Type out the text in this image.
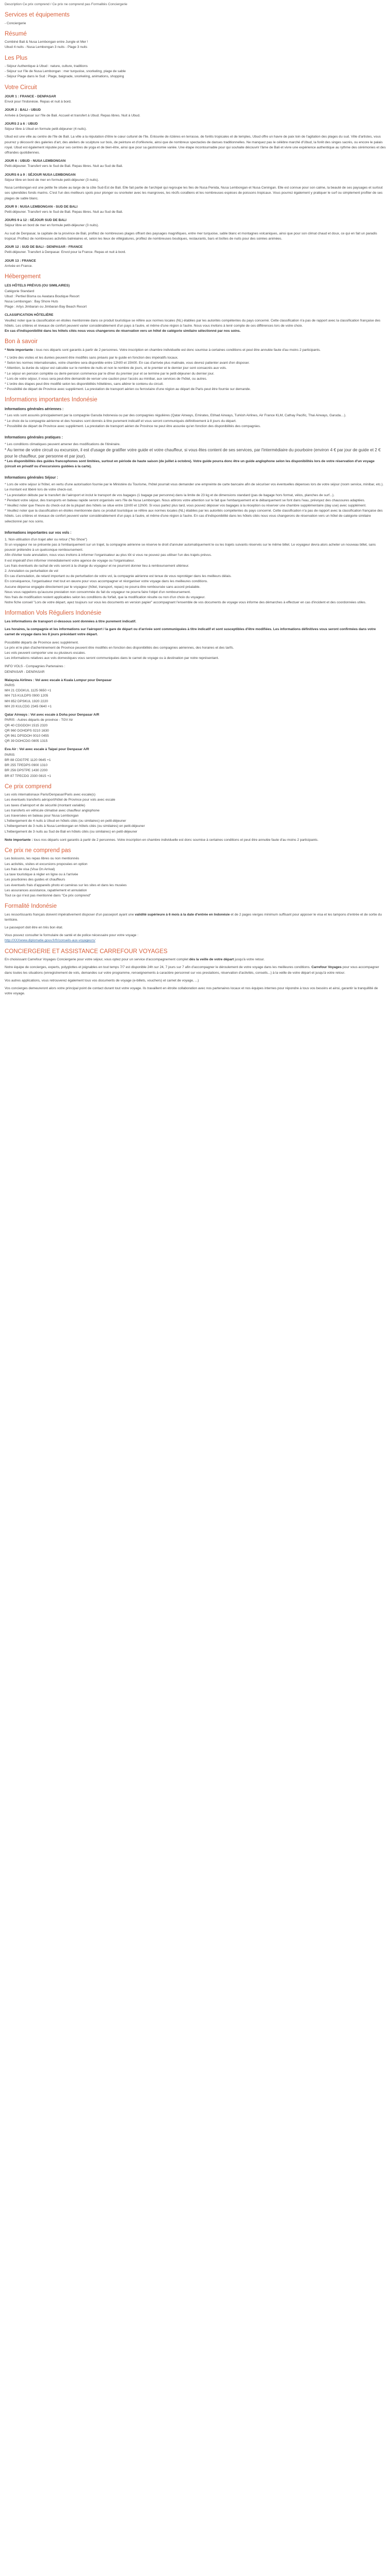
Description Ce prix comprend / Ce prix ne comprend pas Formalités Conciergerie
Services et équipements

- Conciergerie

Résumé

Combiné Bali & Nusa Lembongan entre Jungle et Mer !

Ubud 4 nuits - Nusa Lembongan 3 nuits - Plage 3 nuits

Les Plus
- Séjour Authentique à Ubud : nature, culture, traditions
- Séjour sur l'île de Nusa Lembongan : mer turquoise, snorkeling, plage de sable
- Séjour Plage dans le Sud : Plage, baignade, snorkeling, animations, shopping
Votre Circuit
JOUR 1 : FRANCE - DENPASAR

Envol pour l'Indonésie. Repas et nuit à bord.

JOUR 2 : BALI - UBUD

Arrivée à Denpasar sur l'île de Bali. Accueil et transfert à Ubud. Repas libres. Nuit à Ubud.

JOURS 2 à 6 : UBUD

Séjour libre à Ubud en formule petit-déjeuner (4 nuits).

Ubud est une ville au centre de l'île de Bali. La ville a la réputation d'être le cœur culturel de l'île. Entourée de rizières en terrasse, de forêts tropicales et de temples, Ubud offre un havre de paix loin de l'agitation des plages du sud. Ville d'artistes, vous pourrez y découvrir des galeries d'art, des ateliers de sculpture sur bois, de peinture et d'orfèvrerie, ainsi que de nombreux spectacles de danses traditionnelles. Ne manquez pas le célèbre marché d'Ubud, la forêt des singes sacrés, ou encore le palais royal. Ubud est également réputée pour ses centres de yoga et de bien-être, ainsi que pour sa gastronomie variée. Une étape incontournable pour qui souhaite découvrir l'âme de Bali et vivre une expérience authentique au rythme des cérémonies et des offrandes quotidiennes.

JOUR 6 : UBUD - NUSA LEMBONGAN

Petit-déjeuner. Transfert vers le Sud de Bali. Repas libres. Nuit au Sud de Bali.

JOURS 6 à 9 : SÉJOUR NUSA LEMBONGAN

Séjour libre en bord de mer en formule petit-déjeuner (3 nuits).

Nusa Lembongan est une petite île située au large de la côte Sud-Est de Bali. Elle fait partie de l'archipel qui regroupe les îles de Nusa Penida, Nusa Lembongan et Nusa Ceningan. Elle est connue pour son calme, la beauté de ses paysages et surtout ses splendides fonds marins. C'est l'un des meilleurs spots pour plonger ou snorkeler avec les mangroves, les récifs coralliens et les nombreuses espèces de poissons tropicaux. Vous pourrez également y pratiquer le surf ou simplement profiter de ses plages de sable blanc.

JOUR 9 : NUSA LEMBONGAN - SUD DE BALI

Petit-déjeuner. Transfert vers le Sud de Bali. Repas libres. Nuit au Sud de Bali.

JOURS 9 à 12 : SÉJOUR SUD DE BALI

Séjour libre en bord de mer en formule petit-déjeuner (3 nuits).

Au sud de Denpasar, la capitale de la province de Bali, profitez de nombreuses plages offrant des paysages magnifiques, entre mer turquoise, sable blanc et montagnes volcaniques, ainsi que pour son climat chaud et doux, ce qui en fait un paradis tropical. Profitez de nombreuses activités balnéaires et, selon les lieux de villégiatures, profitez de nombreuses boutiques, restaurants, bars et boîtes de nuits pour des soirées animées.

JOUR 12 : SUD DE BALI - DENPASAR - FRANCE

Petit-déjeuner. Transfert à Denpasar. Envol pour la France. Repas et nuit à bord.

JOUR 13 : FRANCE

Arrivée en France.

Hébergement
LES HÔTELS PRÉVUS (OU SIMILAIRES)

Catégorie Standard

Ubud : Pertiwi Bisma ou Awatara Boutique Resort

Nusa Lembongan : Bay Shore Huts

Plage : Artys Jimbaran ou Jimbaran Bay Beach Resort

CLASSIFICATION HÔTELIÈRE

Veuillez noter que la classification en étoiles mentionnée dans ce produit touristique se réfère aux normes locales (NL) établies par les autorités compétentes du pays concerné. Cette classification n'a pas de rapport avec la classification française des hôtels. Les critères et niveaux de confort peuvent varier considérablement d'un pays à l'autre, et même d'une région à l'autre. Nous vous invitons à tenir compte de ces différences lors de votre choix.

En cas d'indisponibilité dans les hôtels cités nous vous changerons de réservation vers un hôtel de catégorie similaire sélectionné par nos soins.

Bon à savoir

* Note importante : tous nos départs sont garantis à partir de 2 personnes. Votre inscription en chambre individuelle est donc soumise à certaines conditions et peut être annulée faute d'au moins 2 participants.

* L'ordre des visites et les durées peuvent être modifiés sans préavis par le guide en fonction des impératifs locaux.

* Selon les normes internationales, votre chambre sera disponible entre 12h00 et 15h00. En cas d'arrivée plus matinale, vous devrez patienter avant d'en disposer.

* Attention, la durée du séjour est calculée sur le nombre de nuits et non le nombre de jours, et le premier et le dernier jour sont consacrés aux vols.

* Le séjour en pension complète ou demi-pension commence par le dîner du premier jour et se termine par le petit-déjeuner du dernier jour.

* Lors de votre séjour, il vous sera peut-être demandé de verser une caution pour l'accès au minibar, aux services de l'hôtel, ou autres.

* L'ordre des étapes peut être modifié selon les disponibilités hôtelières, sans altérer le contenu du circuit.

* Possibilité de départ de Province avec supplément. La prestation de transport aérien ou ferroviaire d'une région au départ de Paris peut être fournie sur demande.

Informations importantes Indonésie
Informations générales aériennes :

* Les vols sont assurés principalement par la compagnie Garuda Indonesia ou par des compagnies régulières (Qatar Airways, Emirates, Etihad Airways, Turkish Airlines, Air France KLM, Cathay Pacific, Thai Airways, Garuda…).

* Le choix de la compagnie aérienne et des horaires sont donnés à titre purement indicatif et vous seront communiqués définitivement à 8 jours du départ.

* Possibilité de départ de Province avec supplément. La prestation de transport aérien de Province ne peut être assurée qu'en fonction des disponibilités des compagnies.

Informations générales pratiques :

* Les conditions climatiques peuvent amener des modifications de l'itinéraire.

* Au terme de votre circuit ou excursion, il est d'usage de gratifier votre guide et votre chauffeur, si vous êtes content de ses services, par l'intermédiaire du pourboire (environ 4 € par jour de guide et 2 € pour le chauffeur, par personne et par jour).

* Les disponibilités des guides francophones sont limitées, surtout en période de haute saison (de juillet à octobre). Votre guide pourra donc être un guide anglophone selon les disponibilités lors de votre réservation d'un voyage (circuit en privatif ou d'excursions guidées à la carte).

Informations générales Séjour :

* Lors de votre séjour à l'hôtel, en vertu d'une autorisation fournie par le Ministère du Tourisme, l'hôtel pourrait vous demander une empreinte de carte bancaire afin de sécuriser vos éventuelles dépenses lors de votre séjour (room service, minibar, etc.). Le montant est libéré lors de votre check-out.

* La prestation débute par le transfert de l'aéroport et inclut le transport de vos bagages (1 bagage par personne) dans la limite de 23 kg et de dimensions standard (pas de bagage hors format, vélos, planches de surf...).

* Pendant votre séjour, des transports en bateau rapide seront organisés vers l'île de Nusa Lembongan. Nous attirons votre attention sur le fait que l'embarquement et le débarquement se font dans l'eau, prévoyez des chaussures adaptées.

* Veuillez noter que l'heure du check-out de la plupart des hôtels se situe entre 11h00 et 12h00. Si vous partez plus tard, vous pouvez déposer vos bagages à la réception ou réserver une chambre supplémentaire (day use) avec supplément.

* Veuillez noter que la classification en étoiles mentionnée dans ce produit touristique se réfère aux normes locales (NL) établies par les autorités compétentes du pays concerné. Cette classification n'a pas de rapport avec la classification française des hôtels. Les critères et niveaux de confort peuvent varier considérablement d'un pays à l'autre, et même d'une région à l'autre. En cas d'indisponibilité dans les hôtels cités nous vous changerons de réservation vers un hôtel de catégorie similaire sélectionné par nos soins.

Informations importantes sur vos vols :

1. Non-utilisation d'un trajet aller ou retour ("No Show")

Si un voyageur ne se présente pas à l'embarquement sur un trajet, la compagnie aérienne se réserve le droit d'annuler automatiquement le ou les trajets suivants réservés sur le même billet. Le voyageur devra alors acheter un nouveau billet, sans pouvoir prétendre à un quelconque remboursement.

Afin d'éviter toute annulation, nous vous invitons à informer l'organisateur au plus tôt si vous ne pouvez pas utiliser l'un des trajets prévus.

Il est impératif d'en informer immédiatement votre agence de voyage ou l'organisateur.

Les frais éventuels de rachat de vols seront à la charge du voyageur et ne pourront donner lieu à remboursement ultérieur.

2. Annulation ou perturbation de vol

En cas d'annulation, de retard important ou de perturbation de votre vol, la compagnie aérienne est tenue de vous reprotéger dans les meilleurs délais.

En conséquence, l'organisateur met tout en œuvre pour vous accompagner et réorganiser votre voyage dans les meilleures conditions.

Aucune dépense engagée directement par le voyageur (hôtel, transport, repas) ne pourra être remboursée sans accord préalable.

Nous vous rappelons qu'aucune prestation non consommée du fait du voyageur ne pourra faire l'objet d'un remboursement.

Nos frais de modification restent applicables selon les conditions du forfait, que la modification résulte ou non d'un choix du voyageur.

Notre fiche conseil "Lors de votre départ, ayez toujours sur vous les documents en version papier" accompagnant l'ensemble de vos documents de voyage vous informe des démarches à effectuer en cas d'incident et des coordonnées utiles.

Information Vols Réguliers Indonésie

Les informations de transport ci-dessous sont données à titre purement indicatif.

Les horaires, la compagnie et les informations sur l'aéroport / la gare de départ ou d'arrivée sont communiquées à titre indicatif et sont susceptibles d'être modifiées. Les informations définitives vous seront confirmées dans votre carnet de voyage dans les 8 jours précédant votre départ.

Possibilité départs de Province avec supplément.

Le prix et le plan d'acheminement de Province peuvent être modifiés en fonction des disponibilités des compagnies aériennes, des horaires et des tarifs.

Les vols peuvent comporter une ou plusieurs escales.

Les informations relatives aux vols domestiques vous seront communiquées dans le carnet de voyage ou à destination par notre représentant.

INFO VOLS - Compagnies Partenaires :

DENPASAR - DENPASAR

Malaysia Airlines : Vol avec escale à Kuala Lumpur pour Denpasar

PARIS

MH 21 CDGKUL 1125 0650 +1

MH 715 KULDPS 0900 1205

MH 852 DPSKUL 1920 2220

MH 20 KULCDG 2345 0640 +1

Qatar Airways : Vol avec escale à Doha pour Denpasar A/R

PARIS - Autres départs de province - TGV Air

QR 40 CDGDOH 1515 2320

QR 960 DOHDPS 0210 1630

QR 961 DPSDOH 0010 0455

QR 39 DOHCDG 0805 1315

Eva Air : Vol avec escale à Taipei pour Denpasar A/R

PARIS

BR 88 CDGTPE 1120 0645 +1

BR 255 TPEDPS 0900 1310

BR 256 DPSTPE 1430 2200

BR 87 TPECDG 2330 0815 +1

Ce prix comprend

Les vols internationaux Paris/Denpasar/Paris avec escale(s)

Les éventuels transferts aéroport/hôtel de Province pour vols avec escale

Les taxes d'aéroport et de sécurité (montant variable)

Les transferts en véhicule climatisé avec chauffeur anglophone

Les traversées en bateau pour Nusa Lembongan

L'hébergement de 4 nuits à Ubud en hôtels cités (ou similaires) en petit-déjeuner

L'hébergement de 3 nuits à Nusa Lembongan en hôtels cités (ou similaires) en petit-déjeuner

L'hébergement de 3 nuits au Sud de Bali en hôtels cités (ou similaires) en petit-déjeuner

Note importante : tous nos départs sont garantis à partir de 2 personnes. Votre inscription en chambre individuelle est donc soumise à certaines conditions et peut être annulée faute d'au moins 2 participants.

Ce prix ne comprend pas

Les boissons, les repas libres ou non mentionnés

Les activités, visites et excursions proposées en option

Les frais de visa (Visa On Arrival)

La taxe touristique à régler en ligne ou à l'arrivée

Les pourboires des guides et chauffeurs

Les éventuels frais d'appareils photo et caméras sur les sites et dans les musées

Les assurances assistance, rapatriement et annulation

Tout ce qui n'est pas mentionné dans "Ce prix comprend"

Formalité Indonésie

Les ressortissants français doivent impérativement disposer d'un passeport ayant une validité supérieure à 6 mois à la date d'entrée en Indonésie et de 2 pages vierges minimum suffisant pour apposer le visa et les tampons d'entrée et de sortie du territoire.

Le passeport doit être en très bon état.

Vous pouvez consulter le formulaire de santé et de police nécessaire pour votre voyage :

http://XXXwww.diplomatie.gouv.fr/fr/conseils-aux-voyageurs/

CONCIERGERIE ET ASSISTANCE CARREFOUR VOYAGES

En choisissant Carrefour Voyages Conciergerie pour votre séjour, vous optez pour un service d'accompagnement complet dès la veille de votre départ jusqu'à votre retour.

Notre équipe de concierges, experts, polyglottes et joignables en tout temps 7/7 est disponible 24h sur 24, 7 jours sur 7 afin d'accompagner le déroulement de votre voyage dans les meilleures conditions. Carrefour Voyages pour vous accompagner dans toutes les situations (enregistrement de vols, demandes sur votre programme, renseignements à caractère personnel sur vos prestations, réservation d'activités, conseils...) à la veille de votre départ et jusqu'à votre retour.

Vos autres applications, vous retrouverez également tous vos documents de voyage (e-billets, vouchers) et carnet de voyage, ...)

Vos concierges demeureront alors votre principal point de contact durant tout votre voyage. Ils travaillent en étroite collaboration avec nos partenaires locaux et nos équipes internes pour répondre à tous vos besoins et ainsi, garantir la tranquillité de votre voyage.
